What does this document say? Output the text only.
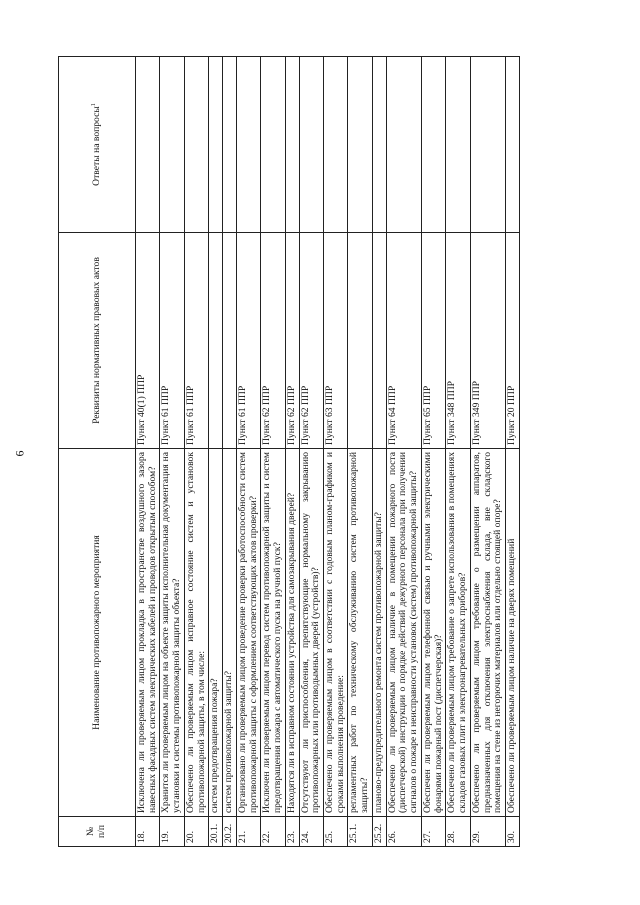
6
№
п/п	Наименование противопожарного мероприятия	Реквизиты нормативных правовых актов	Ответы на вопросы$^1$
18.	Исключена ли проверяемым лицом прокладка в пространстве воздушного зазора навесных фасадных систем электрических кабелей и проводов открытым способом?	Пункт 40(1) ППР	
19.	Хранится ли проверяемым лицом на объекте защиты исполнительная документация на установки и системы противопожарной защиты объекта?	Пункт 61 ППР	
20.	Обеспечено ли проверяемым лицом исправное состояние систем и установок противопожарной защиты, в том числе:	Пункт 61 ППР	
20.1.	систем предотвращения пожара?		
20.2.	систем противопожарной защиты?		
21.	Организовано ли проверяемым лицом проведение проверки работоспособности систем противопожарной защиты с оформлением соответствующих актов проверки?	Пункт 61 ППР	
22.	Исключен ли проверяемым лицом перевод систем противопожарной защиты и систем предотвращения пожара с автоматического пуска на ручной пуск?	Пункт 62 ППР	
23.	Находятся ли в исправном состоянии устройства для самозакрывания дверей?	Пункт 62 ППР	
24.	Отсутствуют ли приспособления, препятствующие нормальному закрыванию противопожарных или противодымных дверей (устройств)?	Пункт 62 ППР	
25.	Обеспечено ли проверяемым лицом в соответствии с годовым планом-графиком и сроками выполнения проведение:	Пункт 63 ППР	
25.1.	регламентных работ по техническому обслуживанию систем противопожарной защиты?		
25.2.	планово-предупредительного ремонта систем противопожарной защиты?		
26.	Обеспечено ли проверяемым лицом наличие в помещении пожарного поста (диспетчерской) инструкции о порядке действий дежурного персонала при получении сигналов о пожаре и неисправности установок (систем) противопожарной защиты?	Пункт 64 ППР	
27.	Обеспечен ли проверяемым лицом телефонной связью и ручными электрическими фонарями пожарный пост (диспетчерская)?	Пункт 65 ППР	
28.	Обеспечено ли проверяемым лицом требование о запрете использования в помещениях складов газовых плит и электронагревательных приборов?	Пункт 348 ППР	
29.	Обеспечено ли проверяемым лицом требование о размещении аппаратов, предназначенных для отключения электроснабжения склада, вне складского помещения на стене из негорючих материалов или отдельно стоящей опоре?	Пункт 349 ППР	
30.	Обеспечено ли проверяемым лицом наличие на дверях помещений	Пункт 20 ППР	
